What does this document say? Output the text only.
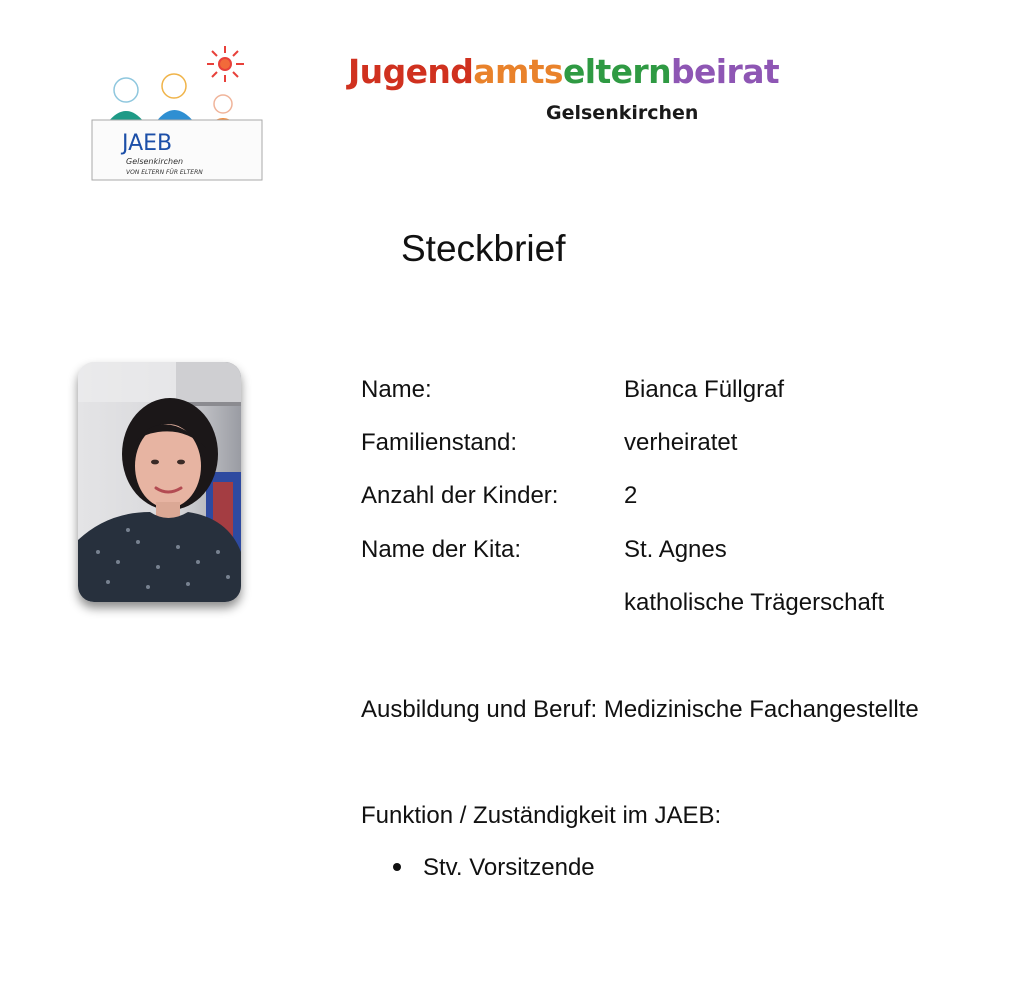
JAEB
Gelsenkirchen
VON ELTERN FÜR ELTERN
Jugendamtselternbeirat
Gelsenkirchen
Steckbrief
Name:	Bianca Füllgraf
Familienstand:	verheiratet
Anzahl der Kinder:	2
Name der Kita:	St. Agnes
katholische Trägerschaft
Ausbildung und Beruf: Medizinische Fachangestellte
Funktion / Zuständigkeit im JAEB:
Stv. Vorsitzende
